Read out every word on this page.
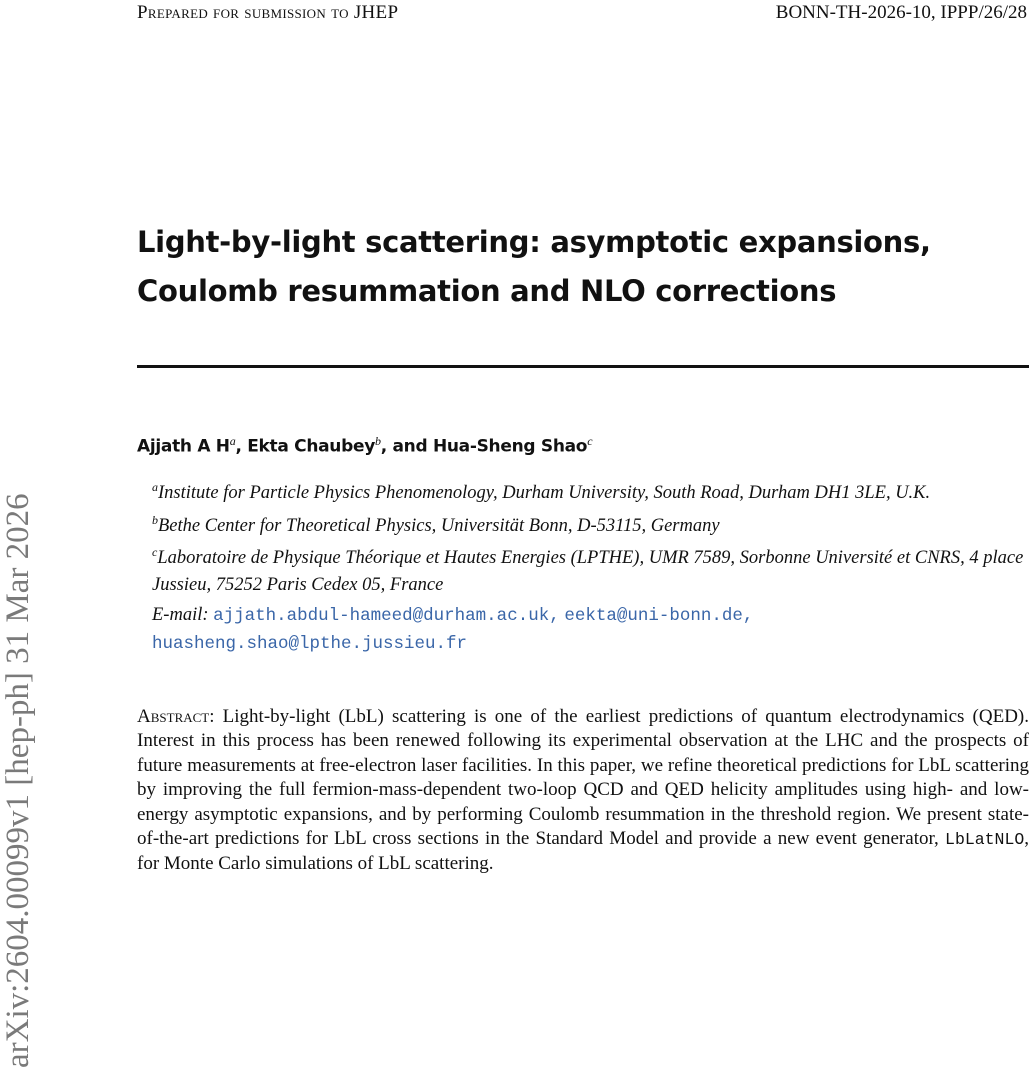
Prepared for submission to JHEP	BONN-TH-2026-10, IPPP/26/28
arXiv:2604.00099v1 [hep-ph] 31 Mar 2026
Light-by-light scattering: asymptotic expansions,
Coulomb resummation and NLO corrections
Ajjath A $H^a$, Ekta Chaubey$^b$, and Hua-Sheng Shao$^c$

$^a$Institute for Particle Physics Phenomenology, Durham University, South Road, Durham DH1 3LE, U.K.

$^b$Bethe Center for Theoretical Physics, Universität Bonn, D-53115, Germany

$^c$Laboratoire de Physique Théorique et Hautes Energies (LPTHE), UMR 7589, Sorbonne Université et CNRS, 4 place Jussieu, 75252 Paris Cedex 05, France

E-mail: ajjath.abdul-hameed@durham.ac.uk, eekta@uni-bonn.de,
huasheng.shao@lpthe.jussieu.fr

Abstract: Light-by-light (LbL) scattering is one of the earliest predictions of quantum electrodynamics (QED). Interest in this process has been renewed following its experimental observation at the LHC and the prospects of future measurements at free-electron laser facilities. In this paper, we refine theoretical predictions for LbL scattering by improving the full fermion-mass-dependent two-loop QCD and QED helicity amplitudes using high- and low-energy asymptotic expansions, and by performing Coulomb resummation in the threshold region. We present state-of-the-art predictions for LbL cross sections in the Standard Model and provide a new event generator, LbLatNLO, for Monte Carlo simulations of LbL scattering.
